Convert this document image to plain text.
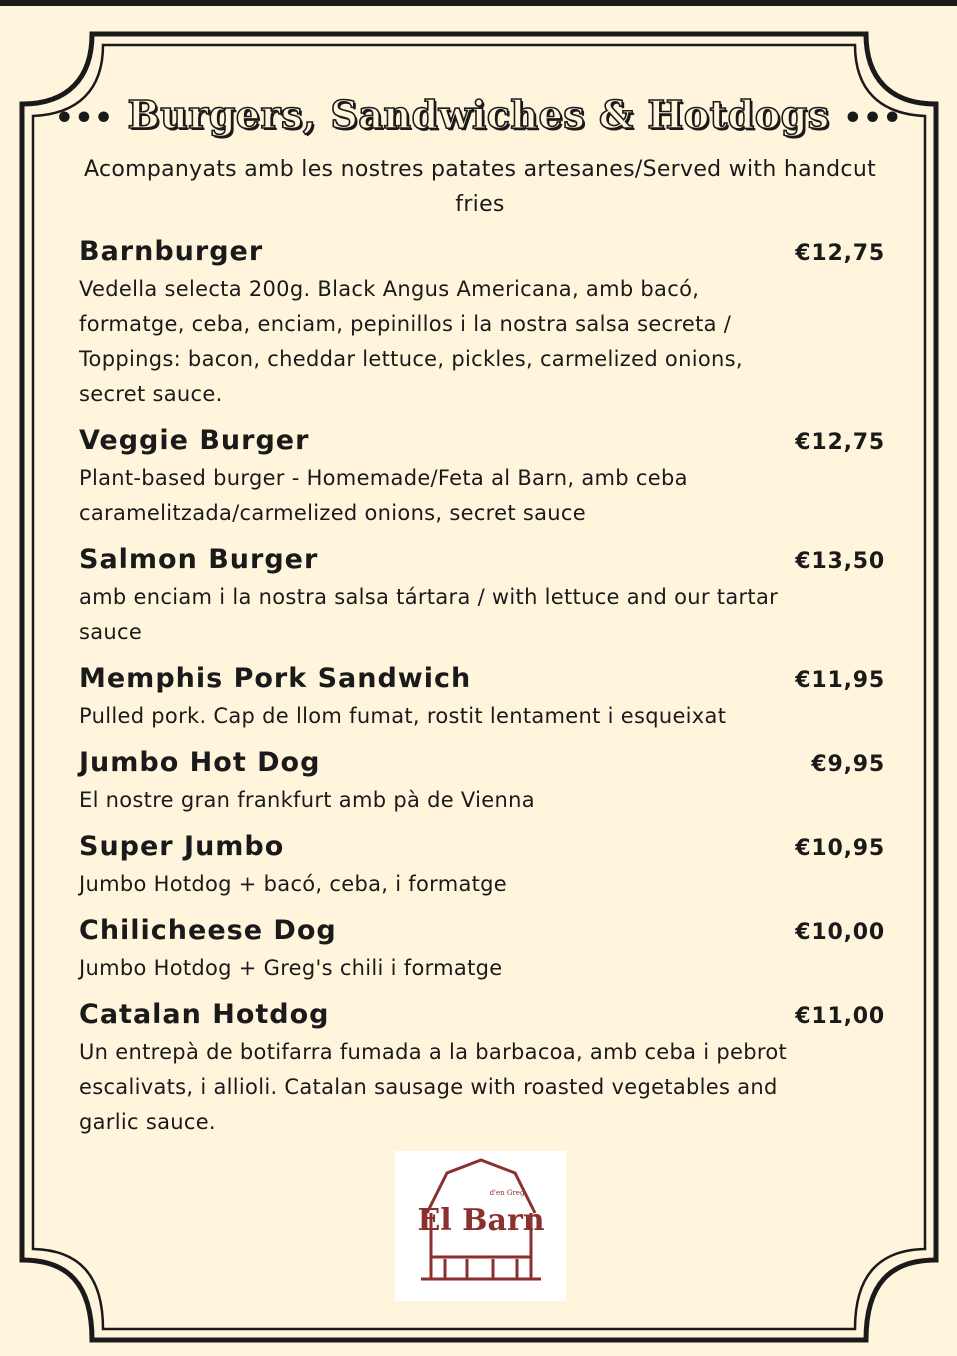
••• Burgers, Sandwiches & Hotdogs •••
Acompanyats amb les nostres patates artesanes/Served with handcut fries
Barnburger	€12,75
Vedella selecta 200g. Black Angus Americana, amb bacó, formatge, ceba, enciam, pepinillos i la nostra salsa secreta / Toppings: bacon, cheddar lettuce, pickles, carmelized onions, secret sauce.
Veggie Burger	€12,75
Plant-based burger - Homemade/Feta al Barn, amb ceba caramelitzada/carmelized onions, secret sauce
Salmon Burger	€13,50
amb enciam i la nostra salsa tártara / with lettuce and our tartar sauce
Memphis Pork Sandwich	€11,95
Pulled pork. Cap de llom fumat, rostit lentament i esqueixat
Jumbo Hot Dog	€9,95
El nostre gran frankfurt amb pà de Vienna
Super Jumbo	€10,95
Jumbo Hotdog + bacó, ceba, i formatge
Chilicheese Dog	€10,00
Jumbo Hotdog + Greg's chili i formatge
Catalan Hotdog	€11,00
Un entrepà de botifarra fumada a la barbacoa, amb ceba i pebrot escalivats, i allioli. Catalan sausage with roasted vegetables and garlic sauce.
El Barn
d'en Greg
